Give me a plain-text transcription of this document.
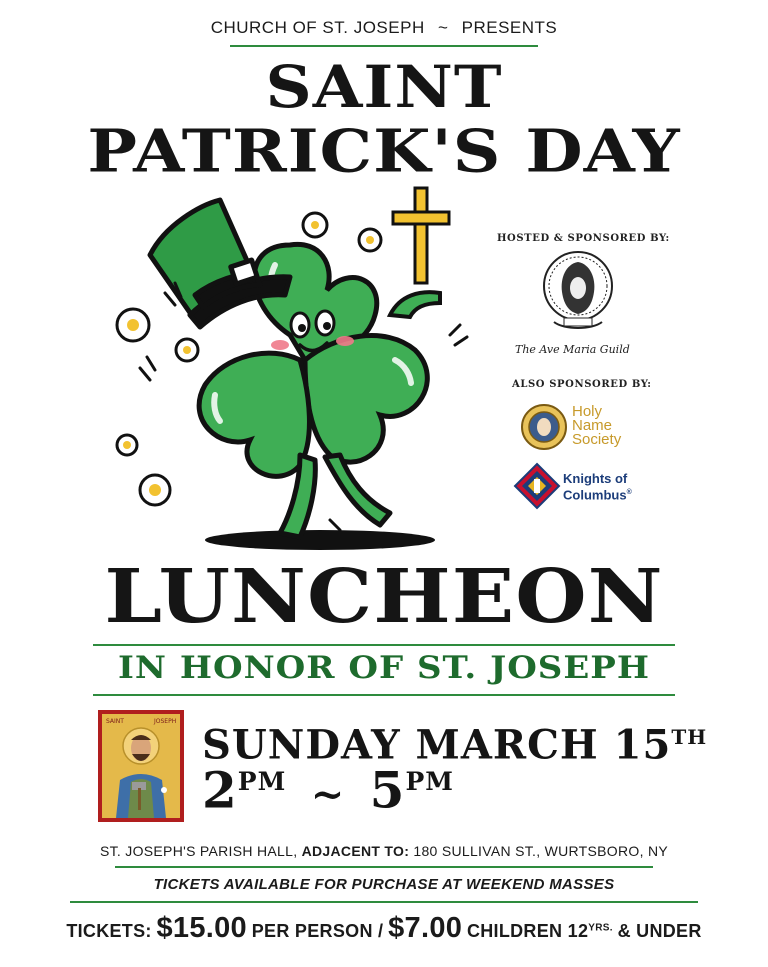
CHURCH OF ST. JOSEPH ~ PRESENTS
SAINT
PATRICK'S DAY
HOSTED & SPONSORED BY:
The Ave Maria Guild
ALSO SPONSORED BY:
Holy
Name
Society
Knights of
Columbus®
LUNCHEON
IN HONOR OF ST. JOSEPH
SAINT	JOSEPH SUNDAY MARCH 15TH
$2^{PM}$ ~ $5^{PM}$
ST. JOSEPH'S PARISH HALL, ADJACENT TO: 180 SULLIVAN ST., WURTSBORO, NY
TICKETS AVAILABLE FOR PURCHASE AT WEEKEND MASSES
TICKETS: $15.00 PER PERSON / $7.00 CHILDREN $12^{YRS.}$ & UNDER
